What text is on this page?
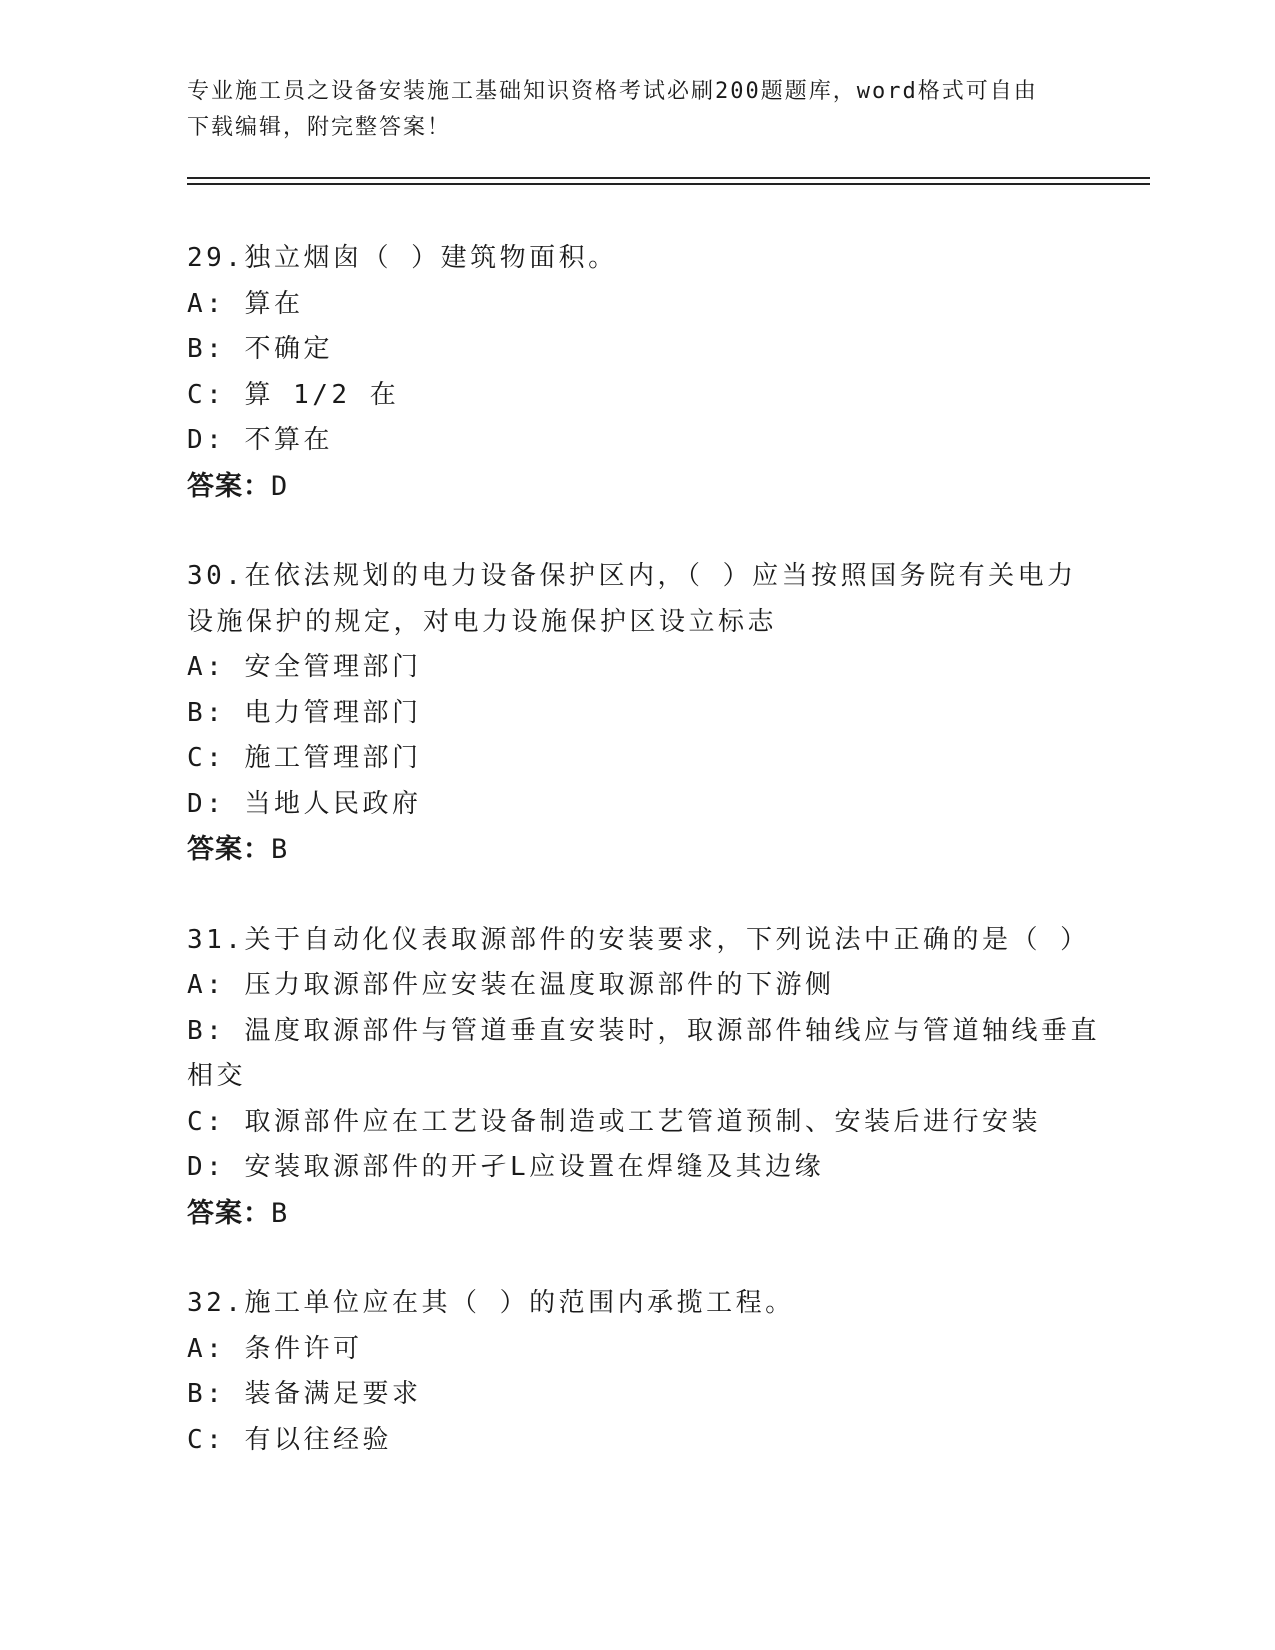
专业施工员之设备安装施工基础知识资格考试必刷200题题库，word格式可自由
下载编辑，附完整答案！
29.独立烟囱（ ）建筑物面积。
A: 算在
B: 不确定
C: 算 1/2 在
D: 不算在
答案：D
30.在依法规划的电力设备保护区内，（ ）应当按照国务院有关电力
设施保护的规定，对电力设施保护区设立标志
A: 安全管理部门
B: 电力管理部门
C: 施工管理部门
D: 当地人民政府
答案：B
31.关于自动化仪表取源部件的安装要求，下列说法中正确的是（ ）
A: 压力取源部件应安装在温度取源部件的下游侧
B: 温度取源部件与管道垂直安装时，取源部件轴线应与管道轴线垂直
相交
C: 取源部件应在工艺设备制造或工艺管道预制、安装后进行安装
D: 安装取源部件的开孑L应设置在焊缝及其边缘
答案：B
32.施工单位应在其（ ）的范围内承揽工程。
A: 条件许可
B: 装备满足要求
C: 有以往经验
